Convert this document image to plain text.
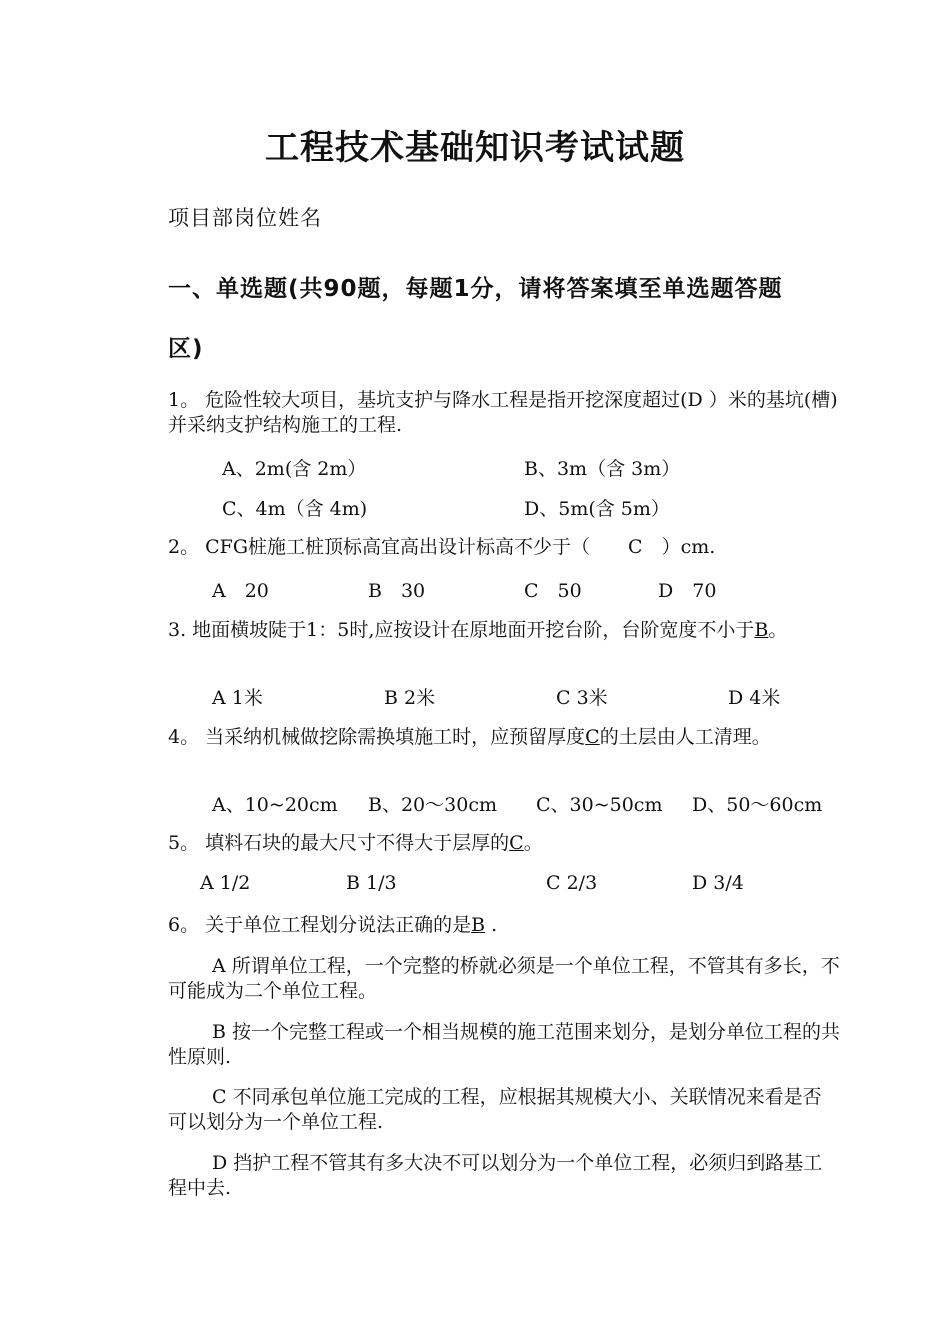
工程技术基础知识考试试题
项目部岗位姓名
一、单选题(共90题，每题1分，请将答案填至单选题答题
区)
1。 危险性较大项目，基坑支护与降水工程是指开挖深度超过(D ）米的基坑(槽)并采纳支护结构施工的工程.
A、2m(含 2m）	B、3m（含 3m）
C、4m（含 4m)	D、5m(含 5m）
2。 CFG桩施工桩顶标高宜高出设计标高不少于（　　C　）cm.
A　20	B　30	C　50	D　70
3. 地面横坡陡于1：5时,应按设计在原地面开挖台阶，台阶宽度不小于B。
A 1米	B 2米	C 3米	D 4米
4。 当采纳机械做挖除需换填施工时，应预留厚度C的土层由人工清理。
A、10~20cm B、20～30cm C、30~50cm D、50～60cm
5。 填料石块的最大尺寸不得大于层厚的C。
A 1/2	B 1/3	C 2/3	D 3/4
6。 关于单位工程划分说法正确的是B .
A 所谓单位工程，一个完整的桥就必须是一个单位工程，不管其有多长，不可能成为二个单位工程。
B 按一个完整工程或一个相当规模的施工范围来划分，是划分单位工程的共性原则.
C 不同承包单位施工完成的工程，应根据其规模大小、关联情况来看是否可以划分为一个单位工程.
D 挡护工程不管其有多大决不可以划分为一个单位工程，必须归到路基工程中去.
